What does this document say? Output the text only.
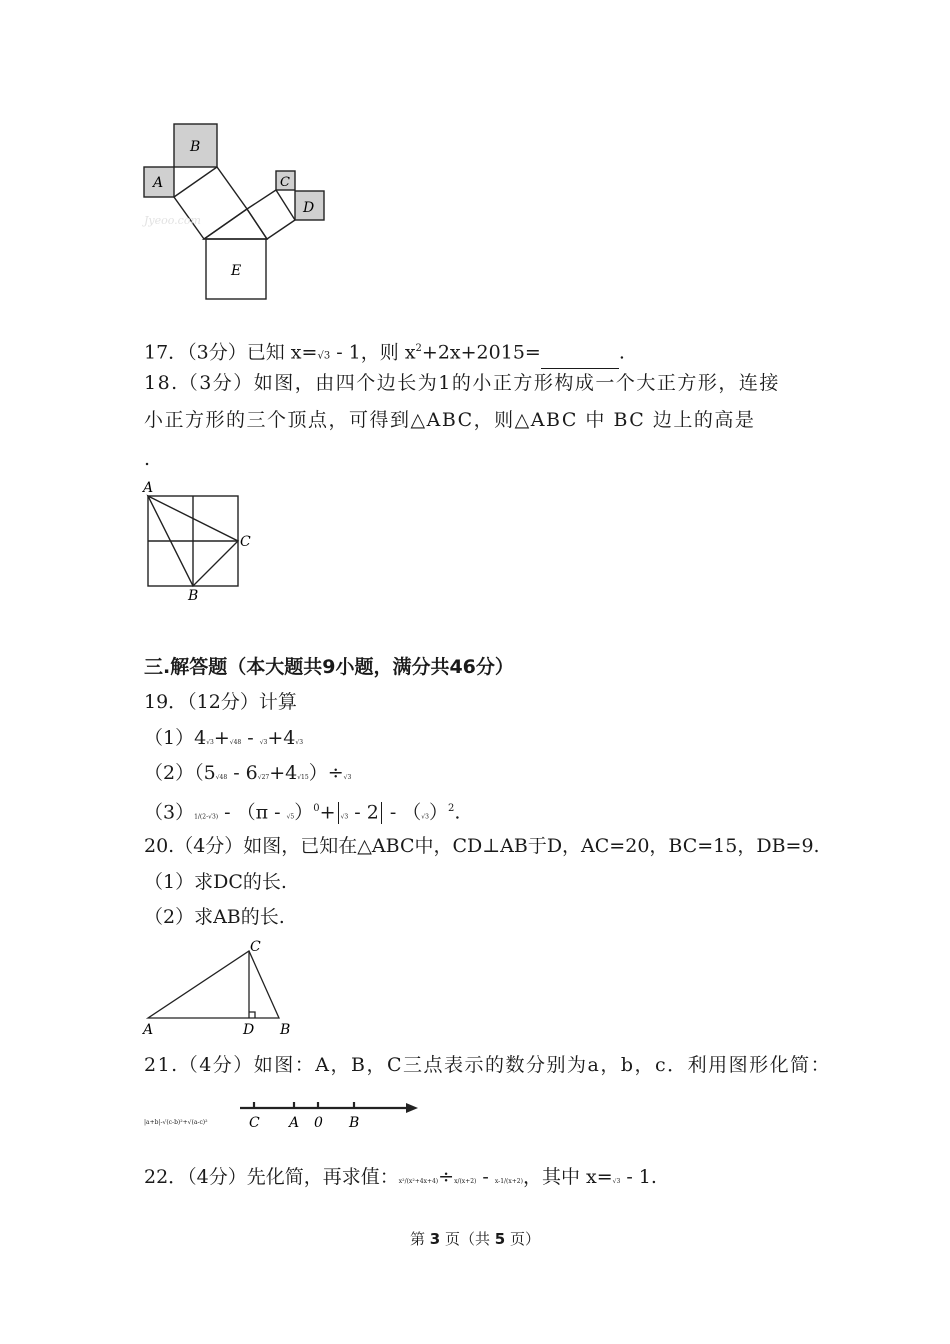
B
A	C
D
E
Jyeoo.com
17．（3分）已知 x=√3 - 1，则 $x^2+2x+2015=$	.
18.（3分）如图，由四个边长为1的小正方形构成一个大正方形，连接
小正方形的三个顶点，可得到△ABC，则△ABC 中 BC 边上的高是
.
A
C
B
三.解答题（本大题共9小题，满分共46分）
19．（12分）计算
（1）4√3+√48 - √3+4√3
（2）（5√48 - 6√27+4√15）÷√3
$(3)1/(2-√3) - (\pi - √5)^0+ √3 - 2 - (√3)^2$.
20.（4分）如图，已知在△ABC中，CD⊥AB于D，AC=20，BC=15，DB=9.
（1）求DC的长.
（2）求AB的长.
C
A	D B
21.（4分）如图：A，B，C三点表示的数分别为a，b，c．利用图形化简：
|a+b|-√(c-b)²+√(a-c)²	C A 0 B
22．（4分）先化简，再求值：x²/(x²+4x+4)÷x/(x+2) - x-1/(x+2)，其中 x=√3 - 1.
第 3 页（共 5 页）
